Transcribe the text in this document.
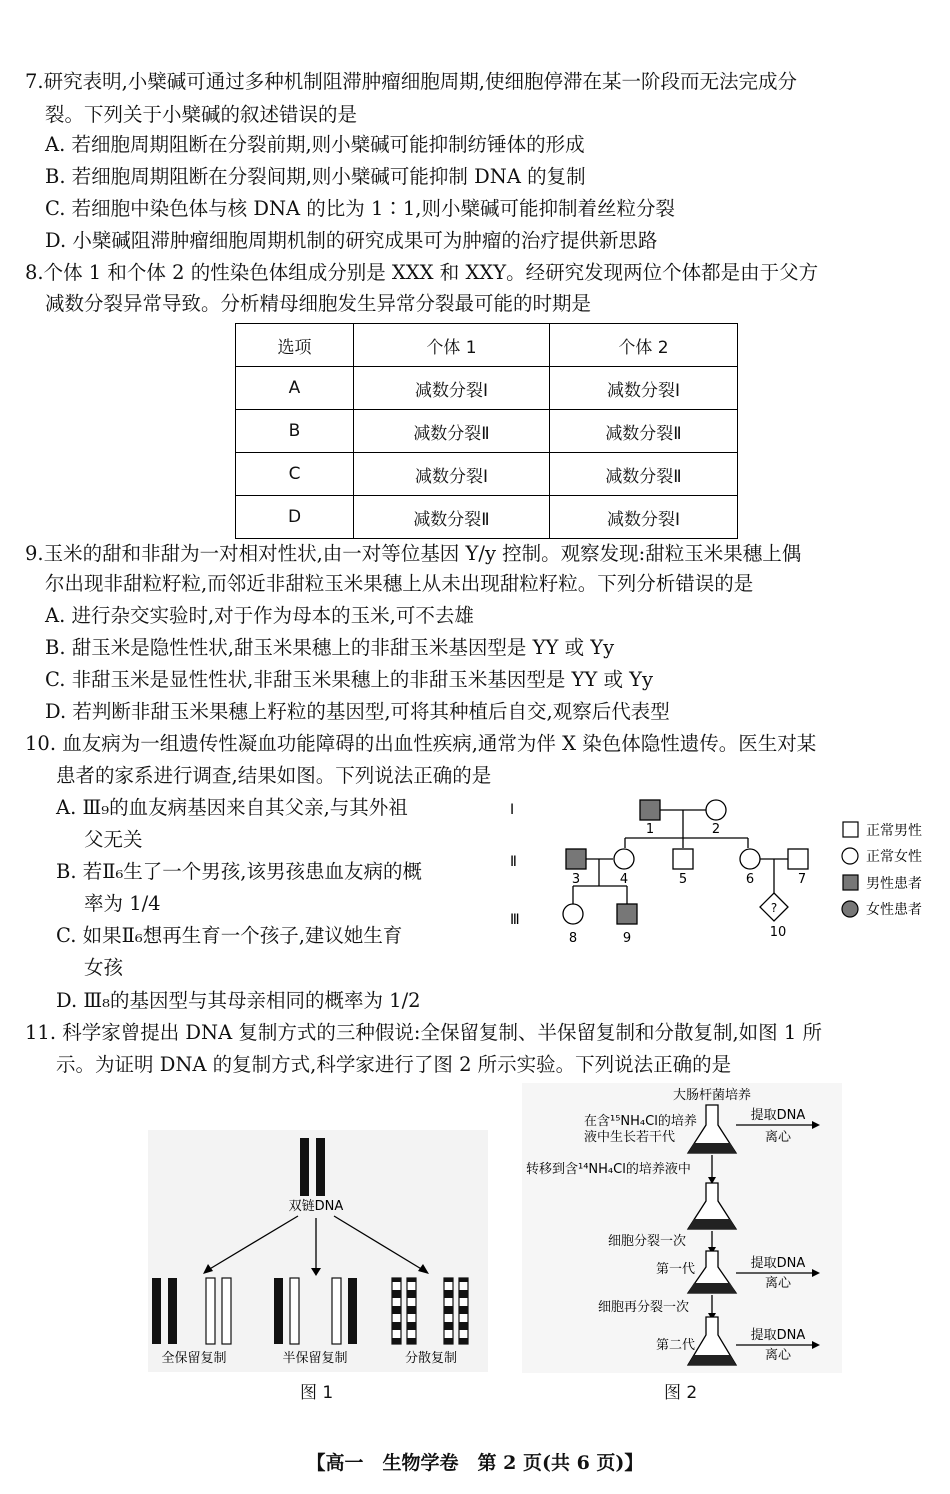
7.研究表明,小檗碱可通过多种机制阻滞肿瘤细胞周期,使细胞停滞在某一阶段而无法完成分
裂。下列关于小檗碱的叙述错误的是
A. 若细胞周期阻断在分裂前期,则小檗碱可能抑制纺锤体的形成
B. 若细胞周期阻断在分裂间期,则小檗碱可能抑制 DNA 的复制
C. 若细胞中染色体与核 DNA 的比为 1∶1,则小檗碱可能抑制着丝粒分裂
D. 小檗碱阻滞肿瘤细胞周期机制的研究成果可为肿瘤的治疗提供新思路
8.个体 1 和个体 2 的性染色体组成分别是 XXX 和 XXY。经研究发现两位个体都是由于父方
减数分裂异常导致。分析精母细胞发生异常分裂最可能的时期是
选项	个体 1	个体 2
A	减数分裂Ⅰ	减数分裂Ⅰ
B	减数分裂Ⅱ	减数分裂Ⅱ
C	减数分裂Ⅰ	减数分裂Ⅱ
D	减数分裂Ⅱ	减数分裂Ⅰ
9.玉米的甜和非甜为一对相对性状,由一对等位基因 Y/y 控制。观察发现:甜粒玉米果穗上偶
尔出现非甜粒籽粒,而邻近非甜粒玉米果穗上从未出现甜粒籽粒。下列分析错误的是
A. 进行杂交实验时,对于作为母本的玉米,可不去雄
B. 甜玉米是隐性性状,甜玉米果穗上的非甜玉米基因型是 YY 或 Yy
C. 非甜玉米是显性性状,非甜玉米果穗上的非甜玉米基因型是 YY 或 Yy
D. 若判断非甜玉米果穗上籽粒的基因型,可将其种植后自交,观察后代表型
10. 血友病为一组遗传性凝血功能障碍的出血性疾病,通常为伴 X 染色体隐性遗传。医生对某
患者的家系进行调查,结果如图。下列说法正确的是
A. Ⅲ₉的血友病基因来自其父亲,与其外祖
父无关
B. 若Ⅱ₆生了一个男孩,该男孩患血友病的概
率为 1/4
C. 如果Ⅱ₆想再生育一个孩子,建议她生育
女孩
D. Ⅲ₈的基因型与其母亲相同的概率为 1/2
Ⅰ
Ⅱ
Ⅲ
1	2
3	4	5	6	7
?
8	9	10
正常男性
正常女性
男性患者
女性患者
11. 科学家曾提出 DNA 复制方式的三种假说:全保留复制、半保留复制和分散复制,如图 1 所
示。为证明 DNA 的复制方式,科学家进行了图 2 所示实验。下列说法正确的是
双链DNA
全保留复制	半保留复制	分散复制
图 1
大肠杆菌培养
在含¹⁵NH₄Cl的培养
液中生长若干代
提取DNA
离心
转移到含¹⁴NH₄Cl的培养液中
细胞分裂一次
第一代	提取DNA
离心
细胞再分裂一次
第二代
提取DNA
离心
图 2
【高一　生物学卷　第 2 页(共 6 页)】
